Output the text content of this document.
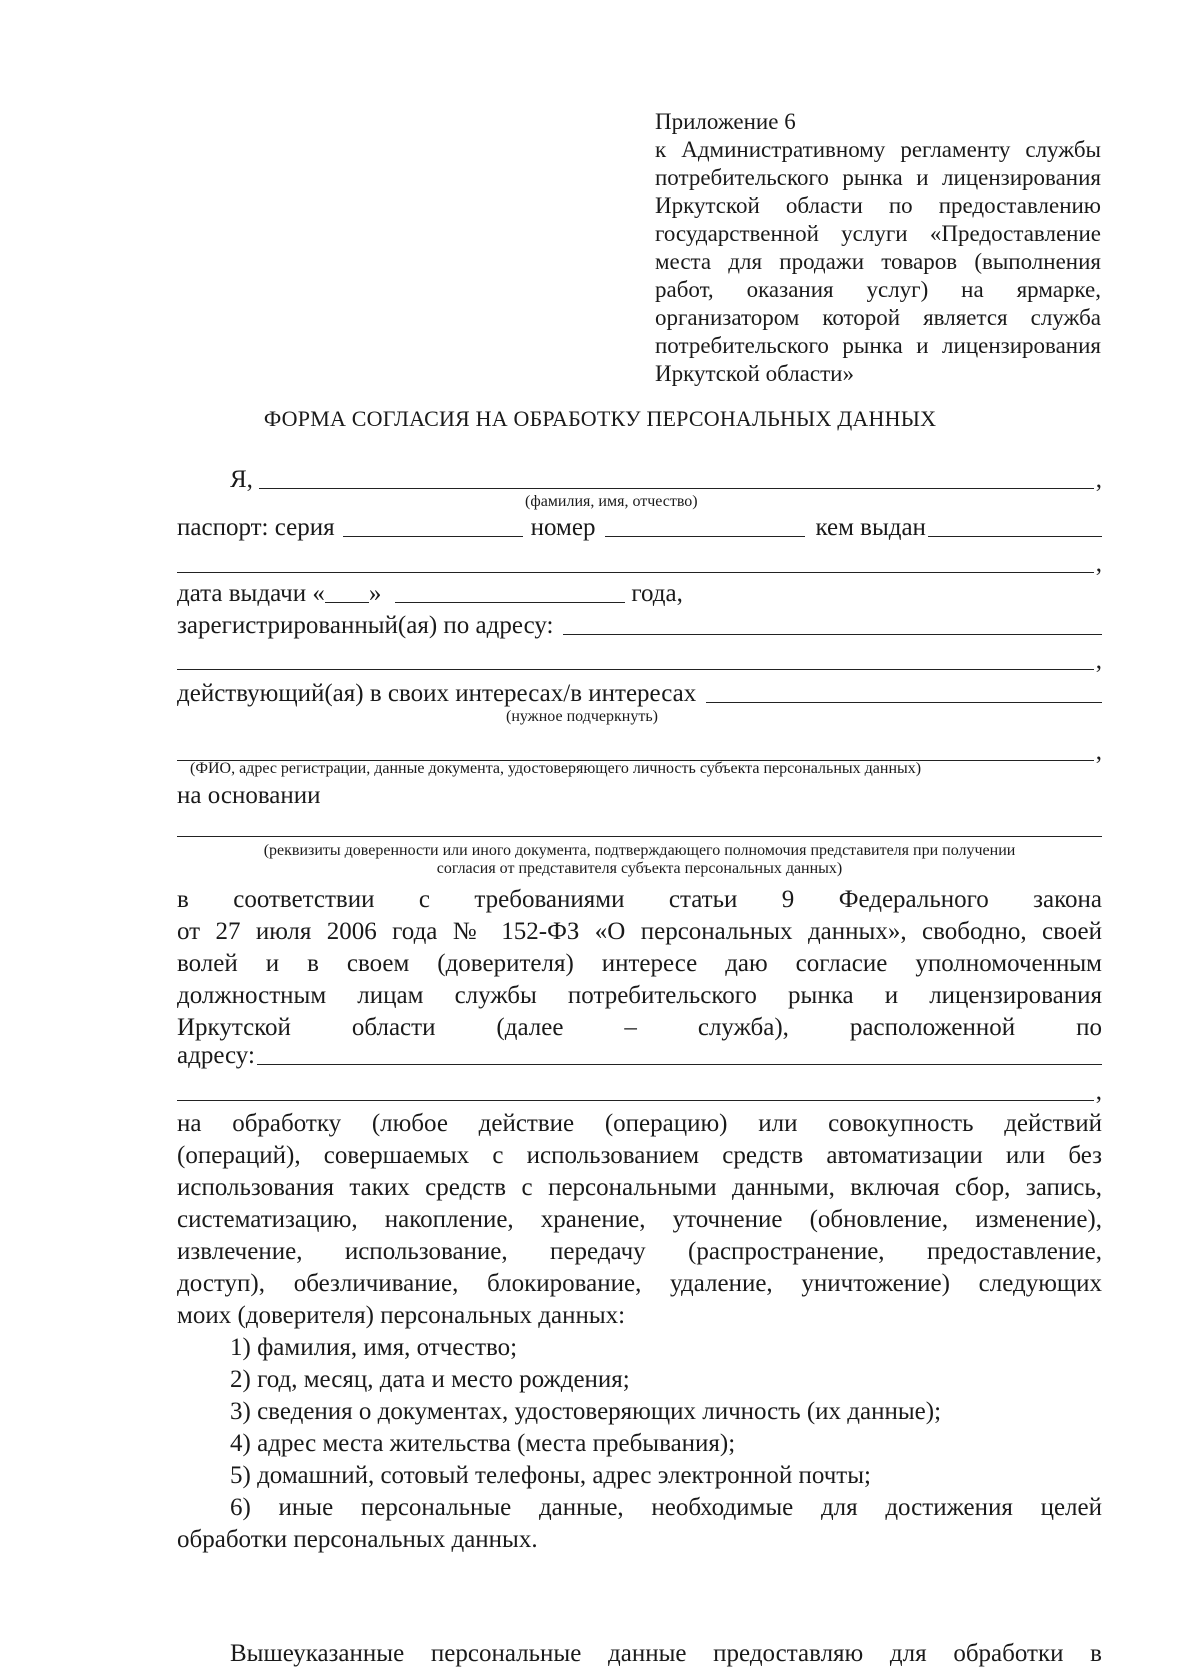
Приложение 6
к Административному регламенту службы
потребительского рынка и лицензирования
Иркутской области по предоставлению
государственной услуги «Предоставление
места для продажи товаров (выполнения
работ, оказания услуг) на ярмарке,
организатором которой является служба
потребительского рынка и лицензирования
Иркутской области»
ФОРМА СОГЛАСИЯ НА ОБРАБОТКУ ПЕРСОНАЛЬНЫХ ДАННЫХ
Я,	,
(фамилия, имя, отчество)
паспорт: серия	номер	кем выдан
,
дата выдачи « »	года,
зарегистрированный(ая) по адресу:
,
действующий(ая) в своих интересах/в интересах
(нужное подчеркнуть)
,
(ФИО, адрес регистрации, данные документа, удостоверяющего личность субъекта персональных данных)
на основании
(реквизиты доверенности или иного документа, подтверждающего полномочия представителя при получении
согласия от представителя субъекта персональных данных)
в соответствии с требованиями статьи 9 Федерального закона
от 27 июля 2006 года № 152-ФЗ «О персональных данных», свободно, своей
волей и в своем (доверителя) интересе даю согласие уполномоченным
должностным лицам службы потребительского рынка и лицензирования
Иркутской области (далее – служба), расположенной по
адресу:
,
на обработку (любое действие (операцию) или совокупность действий
(операций), совершаемых с использованием средств автоматизации или без
использования таких средств с персональными данными, включая сбор, запись,
систематизацию, накопление, хранение, уточнение (обновление, изменение),
извлечение, использование, передачу (распространение, предоставление,
доступ), обезличивание, блокирование, удаление, уничтожение) следующих
моих (доверителя) персональных данных:
1) фамилия, имя, отчество;
2) год, месяц, дата и место рождения;
3) сведения о документах, удостоверяющих личность (их данные);
4) адрес места жительства (места пребывания);
5) домашний, сотовый телефоны, адрес электронной почты;
6) иные персональные данные, необходимые для достижения целей
обработки персональных данных.
Вышеуказанные персональные данные предоставляю для обработки в
